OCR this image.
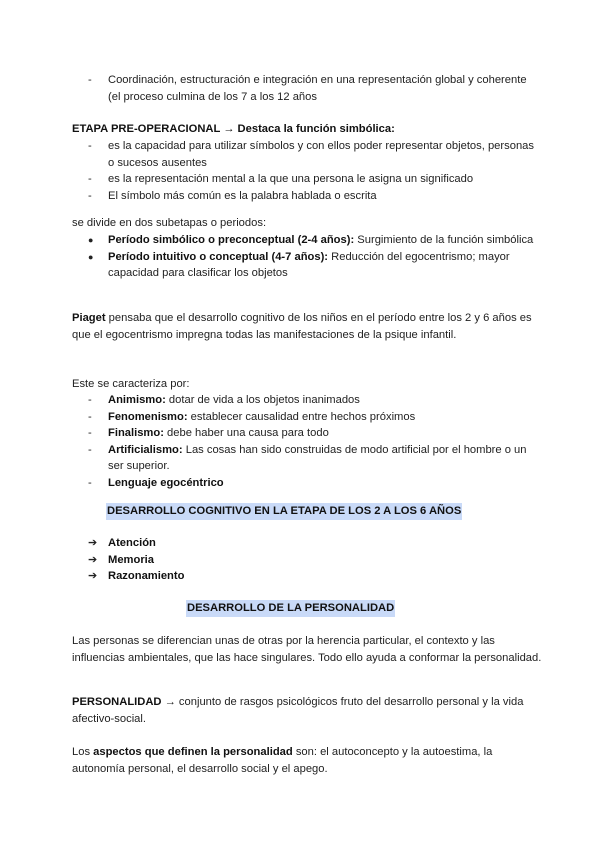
- Coordinación, estructuración e integración en una representación global y coherente (el proceso culmina de los 7 a los 12 años

ETAPA PRE-OPERACIONAL → Destaca la función simbólica:

- es la capacidad para utilizar símbolos y con ellos poder representar objetos, personas o sucesos ausentes
- es la representación mental a la que una persona le asigna un significado
- El símbolo más común es la palabra hablada o escrita

se divide en dos subetapas o periodos:

● Período simbólico o preconceptual (2-4 años): Surgimiento de la función simbólica
● Período intuitivo o conceptual (4-7 años): Reducción del egocentrismo; mayor capacidad para clasificar los objetos

Piaget pensaba que el desarrollo cognitivo de los niños en el período entre los 2 y 6 años es que el egocentrismo impregna todas las manifestaciones de la psique infantil.

Este se caracteriza por:

- Animismo: dotar de vida a los objetos inanimados
- Fenomenismo: establecer causalidad entre hechos próximos
- Finalismo: debe haber una causa para todo
- Artificialismo: Las cosas han sido construidas de modo artificial por el hombre o un ser superior.
- Lenguaje egocéntrico
DESARROLLO COGNITIVO EN LA ETAPA DE LOS 2 A LOS 6 AÑOS
➔ Atención
➔ Memoria
➔ Razonamiento
DESARROLLO DE LA PERSONALIDAD

Las personas se diferencian unas de otras por la herencia particular, el contexto y las influencias ambientales, que las hace singulares. Todo ello ayuda a conformar la personalidad.

PERSONALIDAD → conjunto de rasgos psicológicos fruto del desarrollo personal y la vida afectivo-social.

Los aspectos que definen la personalidad son: el autoconcepto y la autoestima, la autonomía personal, el desarrollo social y el apego.
